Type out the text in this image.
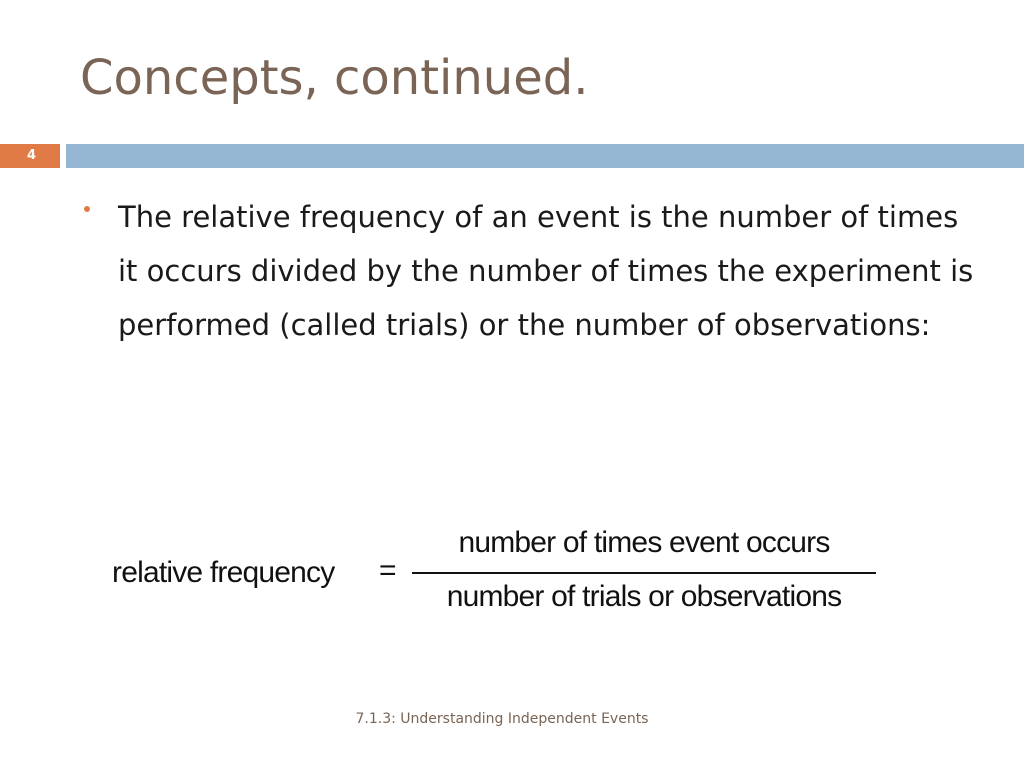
Concepts, continued.
4
The relative frequency of an event is the number of times it occurs divided by the number of times the experiment is performed (called trials) or the number of observations:
relative frequency =
number of times event occurs
number of trials or observations
7.1.3: Understanding Independent Events
